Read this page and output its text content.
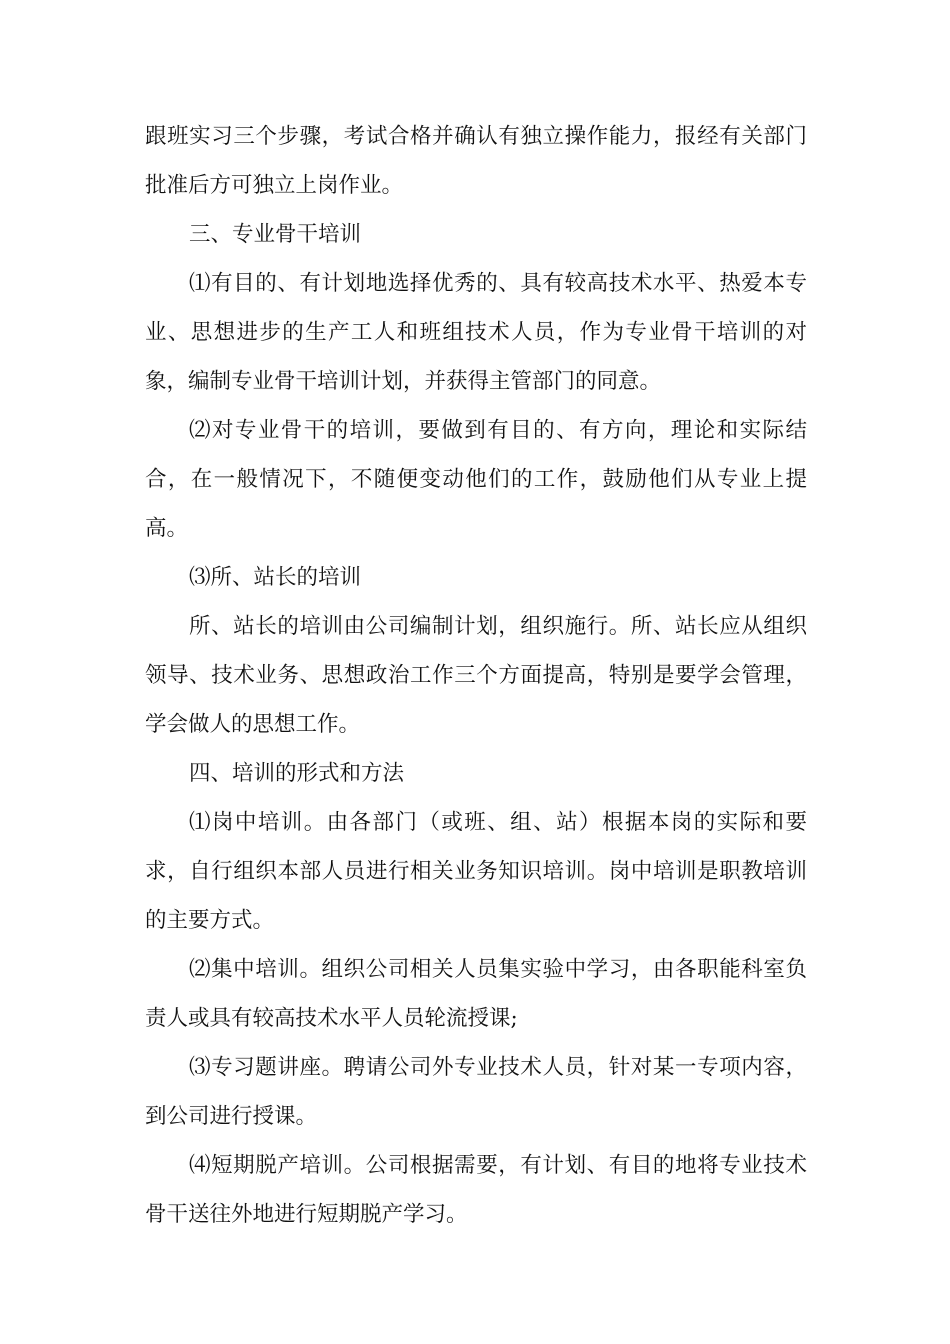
跟班实习三个步骤，考试合格并确认有独立操作能力，报经有关部门批准后方可独立上岗作业。

三、专业骨干培训

⑴有目的、有计划地选择优秀的、具有较高技术水平、热爱本专业、思想进步的生产工人和班组技术人员，作为专业骨干培训的对象，编制专业骨干培训计划，并获得主管部门的同意。

⑵对专业骨干的培训，要做到有目的、有方向，理论和实际结合，在一般情况下，不随便变动他们的工作，鼓励他们从专业上提高。

⑶所、站长的培训

所、站长的培训由公司编制计划，组织施行。所、站长应从组织领导、技术业务、思想政治工作三个方面提高，特别是要学会管理，学会做人的思想工作。

四、培训的形式和方法

⑴岗中培训。由各部门（或班、组、站）根据本岗的实际和要求，自行组织本部人员进行相关业务知识培训。岗中培训是职教培训的主要方式。

⑵集中培训。组织公司相关人员集实验中学习，由各职能科室负责人或具有较高技术水平人员轮流授课;

⑶专习题讲座。聘请公司外专业技术人员，针对某一专项内容，到公司进行授课。

⑷短期脱产培训。公司根据需要，有计划、有目的地将专业技术骨干送往外地进行短期脱产学习。
